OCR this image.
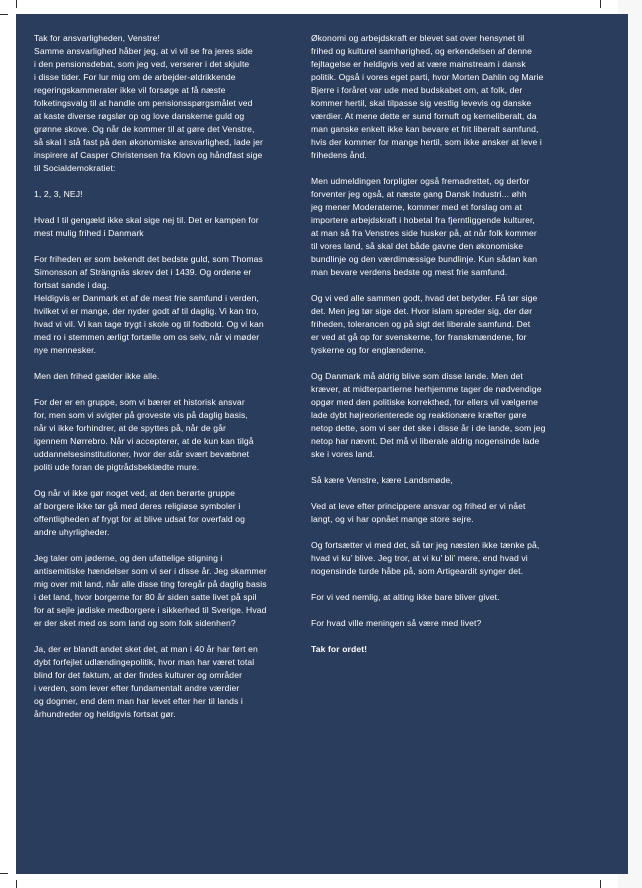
Tak for ansvarligheden, Venstre!
Samme ansvarlighed håber jeg, at vi vil se fra jeres side
i den pensionsdebat, som jeg ved, verserer i det skjulte
i disse tider. For lur mig om de arbejder-øldrikkende
regeringskammerater ikke vil forsøge at få næste
folketingsvalg til at handle om pensionsspørgsmålet ved
at kaste diverse røgslør op og love danskerne guld og
grønne skove. Og når de kommer til at gøre det Venstre,
så skal I stå fast på den økonomiske ansvarlighed, lade jer
inspirere af Casper Christensen fra Klovn og håndfast sige
til Socialdemokratiet:

1, 2, 3, NEJ!

Hvad I til gengæld ikke skal sige nej til. Det er kampen for
mest mulig frihed i Danmark

For friheden er som bekendt det bedste guld, som Thomas
Simonsson af Strängnäs skrev det i 1439. Og ordene er
fortsat sande i dag.
Heldigvis er Danmark et af de mest frie samfund i verden,
hvilket vi er mange, der nyder godt af til daglig. Vi kan tro,
hvad vi vil. Vi kan tage trygt i skole og til fodbold. Og vi kan
med ro i stemmen ærligt fortælle om os selv, når vi møder
nye mennesker.

Men den frihed gælder ikke alle.

For der er en gruppe, som vi bærer et historisk ansvar
for, men som vi svigter på groveste vis på daglig basis,
når vi ikke forhindrer, at de spyttes på, når de går
igennem Nørrebro. Når vi accepterer, at de kun kan tilgå
uddannelsesinstitutioner, hvor der står svært bevæbnet
politi ude foran de pigtrådsbeklædte mure.

Og når vi ikke gør noget ved, at den berørte gruppe
af borgere ikke tør gå med deres religiøse symboler i
offentligheden af frygt for at blive udsat for overfald og
andre uhyrligheder.

Jeg taler om jøderne, og den ufattelige stigning i
antisemitiske hændelser som vi ser i disse år. Jeg skammer
mig over mit land, når alle disse ting foregår på daglig basis
i det land, hvor borgerne for 80 år siden satte livet på spil
for at sejle jødiske medborgere i sikkerhed til Sverige. Hvad
er der sket med os som land og som folk sidenhen?

Ja, der er blandt andet sket det, at man i 40 år har ført en
dybt forfejlet udlændingepolitik, hvor man har været total
blind for det faktum, at der findes kulturer og områder
i verden, som lever efter fundamentalt andre værdier
og dogmer, end dem man har levet efter her til lands i
århundreder og heldigvis fortsat gør.

Økonomi og arbejdskraft er blevet sat over hensynet til
frihed og kulturel samhørighed, og erkendelsen af denne
fejltagelse er heldigvis ved at være mainstream i dansk
politik. Også i vores eget parti, hvor Morten Dahlin og Marie
Bjerre i foråret var ude med budskabet om, at folk, der
kommer hertil, skal tilpasse sig vestlig levevis og danske
værdier. At mene dette er sund fornuft og kerneliberalt, da
man ganske enkelt ikke kan bevare et frit liberalt samfund,
hvis der kommer for mange hertil, som ikke ønsker at leve i
frihedens ånd.

Men udmeldingen forpligter også fremadrettet, og derfor
forventer jeg også, at næste gang Dansk Industri... øhh
jeg mener Moderaterne, kommer med et forslag om at
importere arbejdskraft i hobetal fra fjerntliggende kulturer,
at man så fra Venstres side husker på, at når folk kommer
til vores land, så skal det både gavne den økonomiske
bundlinje og den værdimæssige bundlinje. Kun sådan kan
man bevare verdens bedste og mest frie samfund.

Og vi ved alle sammen godt, hvad det betyder. Få tør sige
det. Men jeg tør sige det. Hvor islam spreder sig, der dør
friheden, tolerancen og på sigt det liberale samfund. Det
er ved at gå op for svenskerne, for franskmændene, for
tyskerne og for englænderne.

Og Danmark må aldrig blive som disse lande. Men det
kræver, at midterpartierne herhjemme tager de nødvendige
opgør med den politiske korrekthed, for ellers vil vælgerne
lade dybt højreorienterede og reaktionære kræfter gøre
netop dette, som vi ser det ske i disse år i de lande, som jeg
netop har nævnt. Det må vi liberale aldrig nogensinde lade
ske i vores land.

Så kære Venstre, kære Landsmøde,

Ved at leve efter princippere ansvar og frihed er vi nået
langt, og vi har opnået mange store sejre.

Og fortsætter vi med det, så tør jeg næsten ikke tænke på,
hvad vi ku’ blive. Jeg tror, at vi ku’ bli’ mere, end hvad vi
nogensinde turde håbe på, som Artigeardit synger det.

For vi ved nemlig, at alting ikke bare bliver givet.

For hvad ville meningen så være med livet?

Tak for ordet!
